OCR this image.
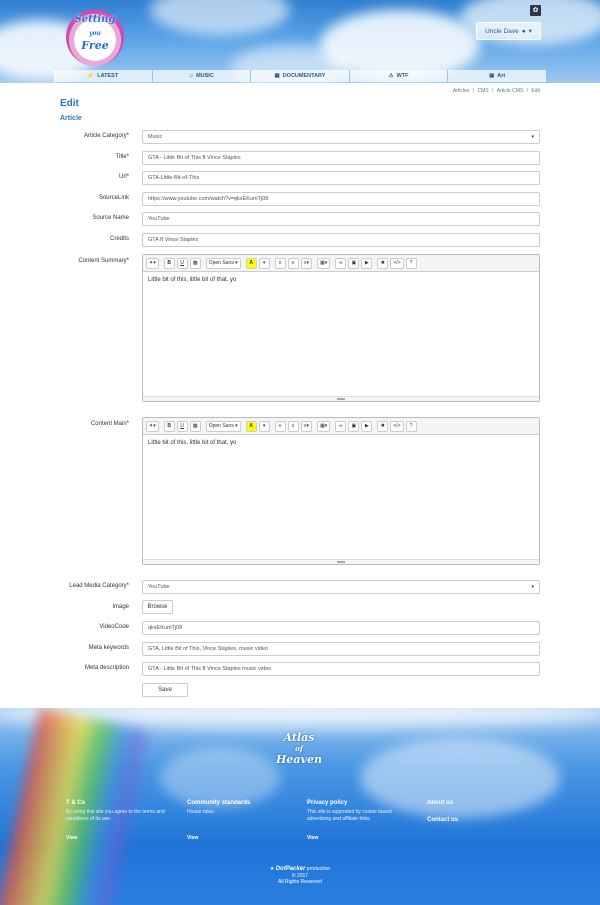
Setting
you
Free
✿
Uncle Dave ● ▾
⚡ LATEST	♫ MUSIC	▦ DOCUMENTARY	⚠ WTF	▣ Art
Articles / CMS / Article CMS / Edit
Edit
Article
Article Category*	Music	▾
Title*	GTA - Little Bit of This ft Vince Staples
Url*	GTA-Little-Bit-of-This
SourceLink	https://www.youtube.com/watch?v=qkxEKumTj08
Source Name	YouTube
Credits	GTA ft Vince Staples
Content Summary*	✦▾	B U	▩	Open Sans ▾	A	▾	≡	≡	≡▾	▦▾	∞	▣	▶	✖	</>	?
Little bit of this, little bit of that, yo
Content Main*	✦▾	B U	▩	Open Sans ▾	A	▾	≡	≡	≡▾	▦▾	∞	▣	▶	✖	</>	?
Little bit of this, little bit of that, yo
Lead Media Category*	YouTube	▾
Image	Browse
VideoCode	qkxEKumTj08
Meta keywords	GTA, Little Bit of This, Vince Staples, music video
Meta description	GTA - Little Bit of This ft Vince Staples music video
Save
Atlas
of
Heaven
T & Cs

By using this site you agree to the terms and conditions of its use.

View
Community standards

House rules

View
Privacy policy

This site is supported by cookie based advertising and affiliate links.

View
About us
Contact us
★ DotPacker production
© 2017
All Rights Reserved
